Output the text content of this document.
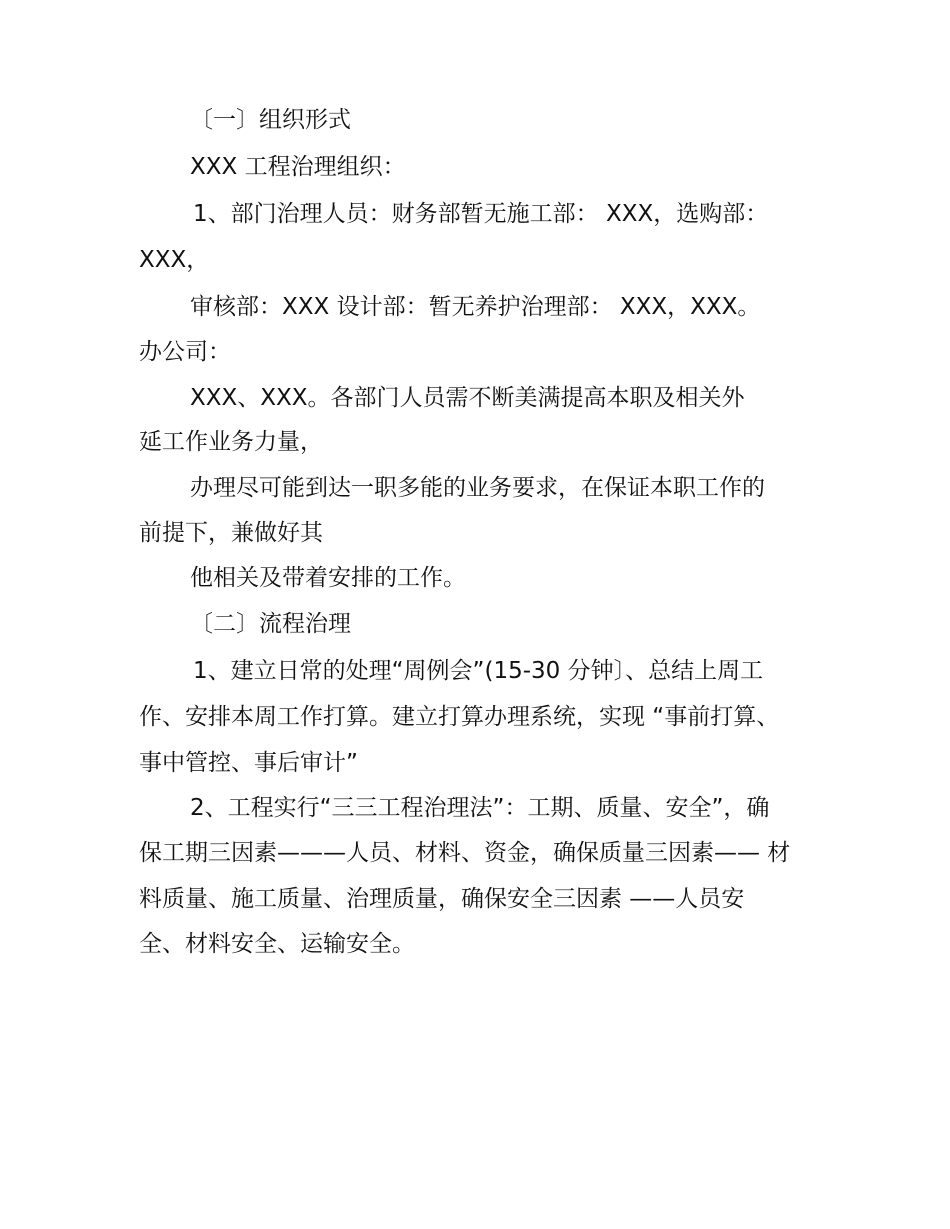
〔一〕组织形式

XXX 工程治理组织：

1、部门治理人员：财务部暂无施工部： XXX，选购部：

XXX，

审核部：XXX 设计部：暂无养护治理部： XXX，XXX。

办公司：

XXX、XXX。各部门人员需不断美满提高本职及相关外

延工作业务力量，

办理尽可能到达一职多能的业务要求，在保证本职工作的

前提下，兼做好其

他相关及带着安排的工作。

〔二〕流程治理

1、建立日常的处理“周例会”(15-30 分钟〕、总结上周工

作、安排本周工作打算。建立打算办理系统，实现 “事前打算、

事中管控、事后审计”

2、工程实行“三三工程治理法”：工期、质量、安全”，确

保工期三因素———人员、材料、资金，确保质量三因素—— 材

料质量、施工质量、治理质量，确保安全三因素 ——人员安

全、材料安全、运输安全。
